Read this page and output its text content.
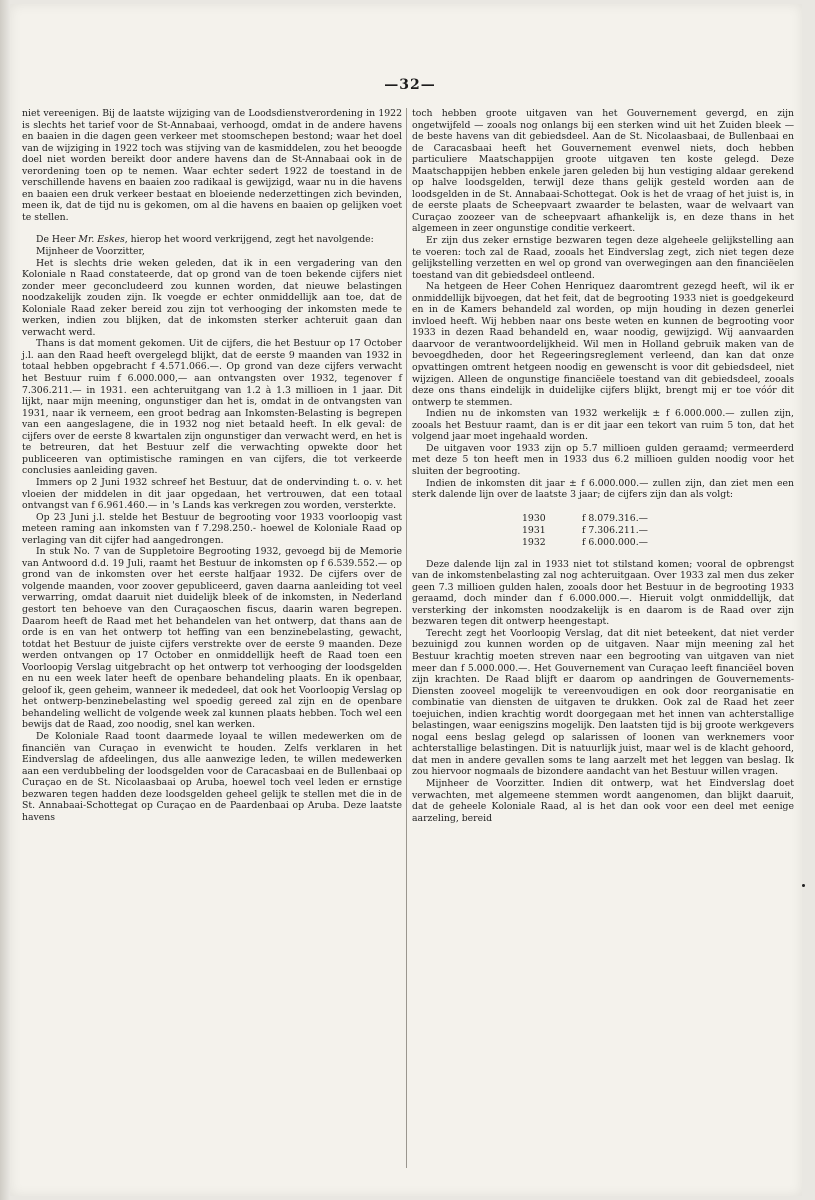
—32—

niet vereenigen. Bij de laatste wijziging van de Loodsdienstverordening in 1922 is slechts het tarief voor de St-Annabaai, verhoogd, omdat in de andere havens en baaien in die dagen geen verkeer met stoomschepen bestond; waar het doel van de wijziging in 1922 toch was stijving van de kasmiddelen, zou het beoogde doel niet worden bereikt door andere havens dan de St-Annabaai ook in de verordening toen op te nemen. Waar echter sedert 1922 de toestand in de verschillende havens en baaien zoo radikaal is gewijzigd, waar nu in die havens en baaien een druk verkeer bestaat en bloeiende nederzettingen zich bevinden, meen ik, dat de tijd nu is gekomen, om al die havens en baaien op gelijken voet te stellen.

De Heer Mr. Eskes, hierop het woord verkrijgend, zegt het navolgende:

Mijnheer de Voorzitter,

Het is slechts drie weken geleden, dat ik in een vergadering van den Koloniale n Raad constateerde, dat op grond van de toen bekende cijfers niet zonder meer geconcludeerd zou kunnen worden, dat nieuwe belastingen noodzakelijk zouden zijn. Ik voegde er echter onmiddellijk aan toe, dat de Koloniale Raad zeker bereid zou zijn tot verhooging der inkomsten mede te werken, indien zou blijken, dat de inkomsten sterker achteruit gaan dan verwacht werd.

Thans is dat moment gekomen. Uit de cijfers, die het Bestuur op 17 October j.l. aan den Raad heeft overgelegd blijkt, dat de eerste 9 maanden van 1932 in totaal hebben opgebracht f 4.571.066.—. Op grond van deze cijfers verwacht het Bestuur ruim f 6.000.000,— aan ontvangsten over 1932, tegenover f 7.306.211.— in 1931. een achteruitgang van 1.2 à 1.3 millioen in 1 jaar. Dit lijkt, naar mijn meening, ongunstiger dan het is, omdat in de ontvangsten van 1931, naar ik verneem, een groot bedrag aan Inkomsten-Belasting is begrepen van een aangeslagene, die in 1932 nog niet betaald heeft. In elk geval: de cijfers over de eerste 8 kwartalen zijn ongunstiger dan verwacht werd, en het is te betreuren, dat het Bestuur zelf die verwachting opwekte door het publiceeren van optimistische ramingen en van cijfers, die tot verkeerde conclusies aanleiding gaven.

Immers op 2 Juni 1932 schreef het Bestuur, dat de ondervinding t. o. v. het vloeien der middelen in dit jaar opgedaan, het vertrouwen, dat een totaal ontvangst van f 6.961.460.— in 's Lands kas verkregen zou worden, versterkte.

Op 23 Juni j.l. stelde het Bestuur de begrooting voor 1933 voorloopig vast meteen raming aan inkomsten van f 7.298.250.- hoewel de Koloniale Raad op verlaging van dit cijfer had aangedrongen.

In stuk No. 7 van de Suppletoire Begrooting 1932, gevoegd bij de Memorie van Antwoord d.d. 19 Juli, raamt het Bestuur de inkomsten op f 6.539.552.— op grond van de inkomsten over het eerste halfjaar 1932. De cijfers over de volgende maanden, voor zoover gepubliceerd, gaven daarna aanleiding tot veel verwarring, omdat daaruit niet duidelijk bleek of de inkomsten, in Nederland gestort ten behoeve van den Curaçaoschen fiscus, daarin waren begrepen. Daarom heeft de Raad met het behandelen van het ontwerp, dat thans aan de orde is en van het ontwerp tot heffing van een benzinebelasting, gewacht, totdat het Bestuur de juiste cijfers verstrekte over de eerste 9 maanden. Deze werden ontvangen op 17 October en onmiddellijk heeft de Raad toen een Voorloopig Verslag uitgebracht op het ontwerp tot verhooging der loodsgelden en nu een week later heeft de openbare behandeling plaats. En ik openbaar, geloof ik, geen geheim, wanneer ik mededeel, dat ook het Voorloopig Verslag op het ontwerp-benzinebelasting wel spoedig gereed zal zijn en de openbare behandeling wellicht de volgende week zal kunnen plaats hebben. Toch wel een bewijs dat de Raad, zoo noodig, snel kan werken.

De Koloniale Raad toont daarmede loyaal te willen medewerken om de financiën van Curaçao in evenwicht te houden. Zelfs verklaren in het Eindverslag de afdeelingen, dus alle aanwezige leden, te willen medewerken aan een verdubbeling der loodsgelden voor de Caracasbaai en de Bullenbaai op Curaçao en de St. Nicolaasbaai op Aruba, hoewel toch veel leden er ernstige bezwaren tegen hadden deze loodsgelden geheel gelijk te stellen met die in de St. Annabaai-Schottegat op Curaçao en de Paardenbaai op Aruba. Deze laatste havens

toch hebben groote uitgaven van het Gouvernement gevergd, en zijn ongetwijfeld — zooals nog onlangs bij een sterken wind uit het Zuiden bleek — de beste havens van dit gebiedsdeel. Aan de St. Nicolaasbaai, de Bullenbaai en de Caracasbaai heeft het Gouvernement evenwel niets, doch hebben particuliere Maatschappijen groote uitgaven ten koste gelegd. Deze Maatschappijen hebben enkele jaren geleden bij hun vestiging aldaar gerekend op halve loodsgelden, terwijl deze thans gelijk gesteld worden aan de loodsgelden in de St. Annabaai-Schottegat. Ook is het de vraag of het juist is, in de eerste plaats de Scheepvaart zwaarder te belasten, waar de welvaart van Curaçao zoozeer van de scheepvaart afhankelijk is, en deze thans in het algemeen in zeer ongunstige conditie verkeert.

Er zijn dus zeker ernstige bezwaren tegen deze algeheele gelijkstelling aan te voeren: toch zal de Raad, zooals het Eindverslag zegt, zich niet tegen deze gelijkstelling verzetten en wel op grond van overwegingen aan den financiëelen toestand van dit gebiedsdeel ontleend.

Na hetgeen de Heer Cohen Henriquez daaromtrent gezegd heeft, wil ik er onmiddellijk bijvoegen, dat het feit, dat de begrooting 1933 niet is goedgekeurd en in de Kamers behandeld zal worden, op mijn houding in dezen generlei invloed heeft. Wij hebben naar ons beste weten en kunnen de begrooting voor 1933 in dezen Raad behandeld en, waar noodig, gewijzigd. Wij aanvaarden daarvoor de verantwoordelijkheid. Wil men in Holland gebruik maken van de bevoegdheden, door het Regeeringsreglement verleend, dan kan dat onze opvattingen omtrent hetgeen noodig en gewenscht is voor dit gebiedsdeel, niet wijzigen. Alleen de ongunstige financiëele toestand van dit gebiedsdeel, zooals deze ons thans eindelijk in duidelijke cijfers blijkt, brengt mij er toe vóór dit ontwerp te stemmen.

Indien nu de inkomsten van 1932 werkelijk ± f 6.000.000.— zullen zijn, zooals het Bestuur raamt, dan is er dit jaar een tekort van ruim 5 ton, dat het volgend jaar moet ingehaald worden.

De uitgaven voor 1933 zijn op 5.7 millioen gulden geraamd; vermeerderd met deze 5 ton heeft men in 1933 dus 6.2 millioen gulden noodig voor het sluiten der begrooting.

Indien de inkomsten dit jaar ± f 6.000.000.— zullen zijn, dan ziet men een sterk dalende lijn over de laatste 3 jaar; de cijfers zijn dan als volgt:

1930	f 8.079.316.—
1931	f 7.306.211.—
1932	f 6.000.000.—

Deze dalende lijn zal in 1933 niet tot stilstand komen; vooral de opbrengst van de inkomstenbelasting zal nog achteruitgaan. Over 1933 zal men dus zeker geen 7.3 millioen gulden halen, zooals door het Bestuur in de begrooting 1933 geraamd, doch minder dan f 6.000.000.—. Hieruit volgt onmiddellijk, dat versterking der inkomsten noodzakelijk is en daarom is de Raad over zijn bezwaren tegen dit ontwerp heengestapt.

Terecht zegt het Voorloopig Verslag, dat dit niet beteekent, dat niet verder bezuinigd zou kunnen worden op de uitgaven. Naar mijn meening zal het Bestuur krachtig moeten streven naar een begrooting van uitgaven van niet meer dan f 5.000.000.—. Het Gouvernement van Curaçao leeft financiëel boven zijn krachten. De Raad blijft er daarom op aandringen de Gouvernements-Diensten zooveel mogelijk te vereenvoudigen en ook door reorganisatie en combinatie van diensten de uitgaven te drukken. Ook zal de Raad het zeer toejuichen, indien krachtig wordt doorgegaan met het innen van achterstallige belastingen, waar eenigszins mogelijk. Den laatsten tijd is bij groote werkgevers nogal eens beslag gelegd op salarissen of loonen van werknemers voor achterstallige belastingen. Dit is natuurlijk juist, maar wel is de klacht gehoord, dat men in andere gevallen soms te lang aarzelt met het leggen van beslag. Ik zou hiervoor nogmaals de bizondere aandacht van het Bestuur willen vragen.

Mijnheer de Voorzitter. Indien dit ontwerp, wat het Eindverslag doet verwachten, met algemeene stemmen wordt aangenomen, dan blijkt daaruit, dat de geheele Koloniale Raad, al is het dan ook voor een deel met eenige aarzeling, bereid
